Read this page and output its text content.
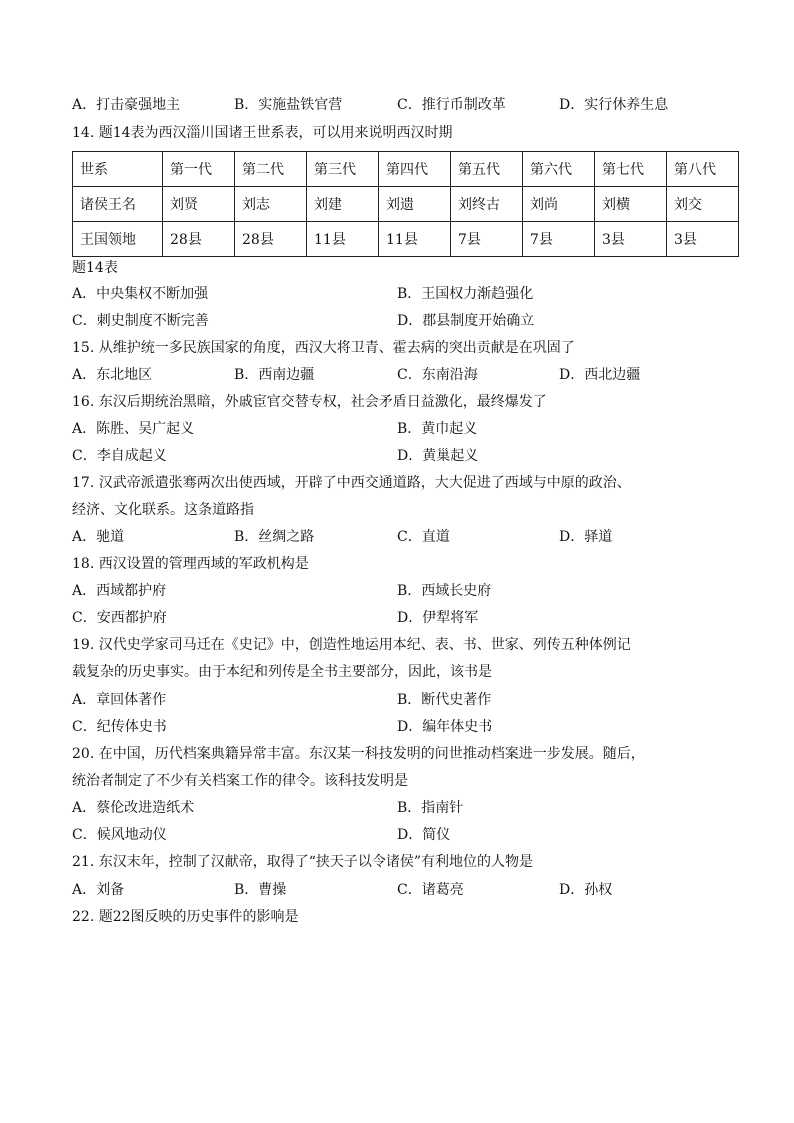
A．打击豪强地主	B．实施盐铁官营	C．推行币制改革	D．实行休养生息
14. 题14表为西汉淄川国诸王世系表，可以用来说明西汉时期
世系	第一代	第二代	第三代	第四代	第五代	第六代	第七代	第八代
诸侯王名	刘贤	刘志	刘建	刘遗	刘终古	刘尚	刘横	刘交
王国领地	28县	28县	11县	11县	7县	7县	3县	3县
题14表
A．中央集权不断加强	B．王国权力渐趋强化
C．刺史制度不断完善	D．郡县制度开始确立
15. 从维护统一多民族国家的角度，西汉大将卫青、霍去病的突出贡献是在巩固了
A．东北地区	B．西南边疆	C．东南沿海	D．西北边疆
16. 东汉后期统治黑暗，外戚宦官交替专权，社会矛盾日益激化，最终爆发了
A．陈胜、吴广起义	B．黄巾起义
C．李自成起义	D．黄巢起义
17. 汉武帝派遣张骞两次出使西域，开辟了中西交通道路，大大促进了西域与中原的政治、
经济、文化联系。这条道路指
A．驰道	B．丝绸之路	C．直道	D．驿道
18. 西汉设置的管理西域的军政机构是
A．西域都护府	B．西域长史府
C．安西都护府	D．伊犁将军
19. 汉代史学家司马迁在《史记》中，创造性地运用本纪、表、书、世家、列传五种体例记
载复杂的历史事实。由于本纪和列传是全书主要部分，因此，该书是
A．章回体著作	B．断代史著作
C．纪传体史书	D．编年体史书
20. 在中国，历代档案典籍异常丰富。东汉某一科技发明的问世推动档案进一步发展。随后，
统治者制定了不少有关档案工作的律令。该科技发明是
A．蔡伦改进造纸术	B．指南针
C．候风地动仪	D．简仪
21. 东汉末年，控制了汉献帝，取得了“挟天子以令诸侯”有利地位的人物是
A．刘备	B．曹操	C．诸葛亮	D．孙权
22. 题22图反映的历史事件的影响是
